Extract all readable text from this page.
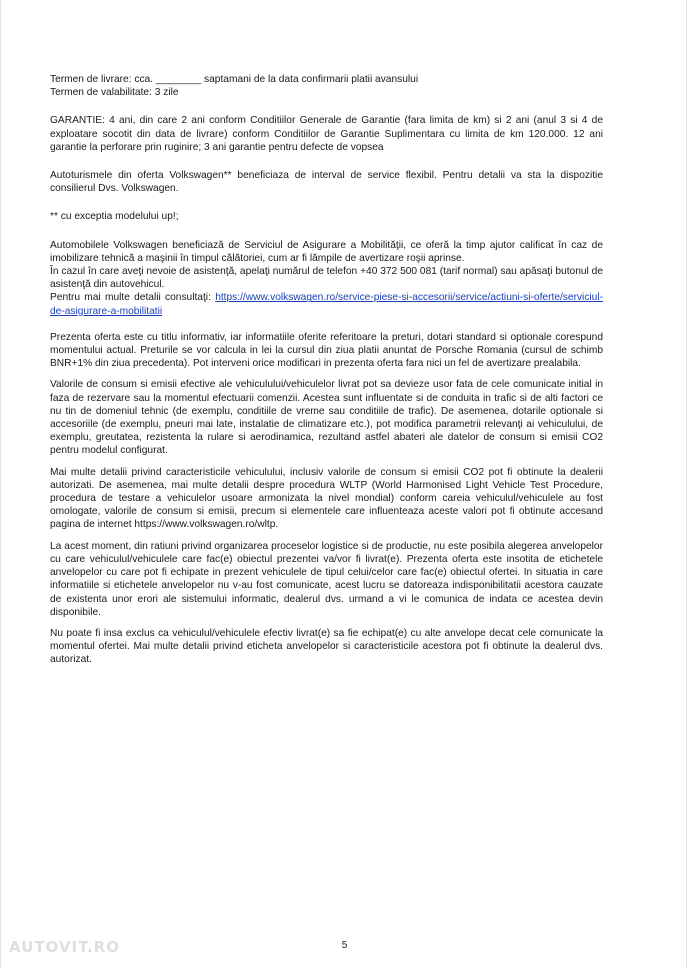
Termen de livrare: cca. ________ saptamani de la data confirmarii platii avansului

Termen de valabilitate: 3 zile

GARANTIE: 4 ani, din care 2 ani conform Conditiilor Generale de Garantie (fara limita de km) si 2 ani (anul 3 si 4 de exploatare socotit din data de livrare) conform Conditiilor de Garantie Suplimentara cu limita de km 120.000. 12 ani garantie la perforare prin ruginire; 3 ani garantie pentru defecte de vopsea

Autoturismele din oferta Volkswagen** beneficiaza de interval de service flexibil. Pentru detalii va sta la dispozitie consilierul Dvs. Volkswagen.

** cu exceptia modelului up!;

Automobilele Volkswagen beneficiază de Serviciul de Asigurare a Mobilităţii, ce oferă la timp ajutor calificat în caz de imobilizare tehnică a maşinii în timpul călătoriei, cum ar fi lămpile de avertizare roşii aprinse.

În cazul în care aveţi nevoie de asistenţă, apelaţi numărul de telefon +40 372 500 081 (tarif normal) sau apăsaţi butonul de asistenţă din autovehicul.

Pentru mai multe detalii consultaţi: https://www.volkswagen.ro/service-piese-si-accesorii/service/actiuni-si-oferte/serviciul-de-asigurare-a-mobilitatii

Prezenta oferta este cu titlu informativ, iar informatiile oferite referitoare la preturi, dotari standard si optionale corespund momentului actual. Preturile se vor calcula in lei la cursul din ziua platii anuntat de Porsche Romania (cursul de schimb BNR+1% din ziua precedenta). Pot interveni orice modificari in prezenta oferta fara nici un fel de avertizare prealabila.

Valorile de consum si emisii efective ale vehiculului/vehiculelor livrat pot sa devieze usor fata de cele comunicate initial in faza de rezervare sau la momentul efectuarii comenzii. Acestea sunt influentate si de conduita in trafic si de alti factori ce nu tin de domeniul tehnic (de exemplu, conditiile de vreme sau conditiile de trafic). De asemenea, dotarile optionale si accesoriile (de exemplu, pneuri mai late, instalatie de climatizare etc.), pot modifica parametrii relevanţi ai vehiculului, de exemplu, greutatea, rezistenta la rulare si aerodinamica, rezultand astfel abateri ale datelor de consum si emisii CO2 pentru modelul configurat.

Mai multe detalii privind caracteristicile vehiculului, inclusiv valorile de consum si emisii CO2 pot fi obtinute la dealerii autorizati. De asemenea, mai multe detalii despre procedura WLTP (World Harmonised Light Vehicle Test Procedure, procedura de testare a vehiculelor usoare armonizata la nivel mondial) conform careia vehiculul/vehiculele au fost omologate, valorile de consum si emisii, precum si elementele care influenteaza aceste valori pot fi obtinute accesand pagina de internet https://www.volkswagen.ro/wltp.

La acest moment, din ratiuni privind organizarea proceselor logistice si de productie, nu este posibila alegerea anvelopelor cu care vehiculul/vehiculele care fac(e) obiectul prezentei va/vor fi livrat(e). Prezenta oferta este insotita de etichetele anvelopelor cu care pot fi echipate in prezent vehiculele de tipul celui/celor care fac(e) obiectul ofertei. In situatia in care informatiile si etichetele anvelopelor nu v-au fost comunicate, acest lucru se datoreaza indisponibilitatii acestora cauzate de existenta unor erori ale sistemului informatic, dealerul dvs. urmand a vi le comunica de indata ce acestea devin disponibile.

Nu poate fi insa exclus ca vehiculul/vehiculele efectiv livrat(e) sa fie echipat(e) cu alte anvelope decat cele comunicate la momentul ofertei. Mai multe detalii privind eticheta anvelopelor si caracteristicile acestora pot fi obtinute la dealerul dvs. autorizat.

5
AUTOVIT.RO
